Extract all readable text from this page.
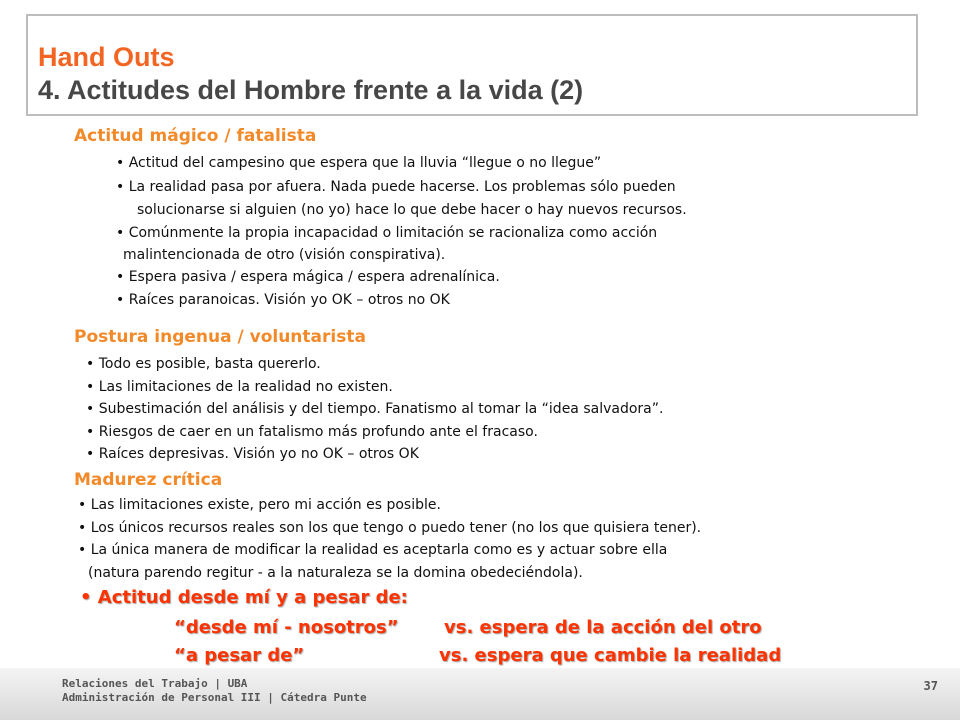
Hand Outs
4. Actitudes del Hombre frente a la vida (2)
Actitud mágico / fatalista
• Actitud del campesino que espera que la lluvia “llegue o no llegue”
• La realidad pasa por afuera. Nada puede hacerse. Los problemas sólo pueden
solucionarse si alguien (no yo) hace lo que debe hacer o hay nuevos recursos.
• Comúnmente la propia incapacidad o limitación se racionaliza como acción
malintencionada de otro (visión conspirativa).
• Espera pasiva / espera mágica / espera adrenalínica.
• Raíces paranoicas. Visión yo OK – otros no OK
Postura ingenua / voluntarista
• Todo es posible, basta quererlo.
• Las limitaciones de la realidad no existen.
• Subestimación del análisis y del tiempo. Fanatismo al tomar la “idea salvadora”.
• Riesgos de caer en un fatalismo más profundo ante el fracaso.
• Raíces depresivas. Visión yo no OK – otros OK
Madurez crítica
• Las limitaciones existe, pero mi acción es posible.
• Los únicos recursos reales son los que tengo o puedo tener (no los que quisiera tener).
• La única manera de modificar la realidad es aceptarla como es y actuar sobre ella
(natura parendo regitur - a la naturaleza se la domina obedeciéndola).
• Actitud desde mí y a pesar de:
“desde mí - nosotros”	vs. espera de la acción del otro
“a pesar de”	vs. espera que cambie la realidad
Relaciones del Trabajo | UBA
Administración de Personal III | Cátedra Punte
37
